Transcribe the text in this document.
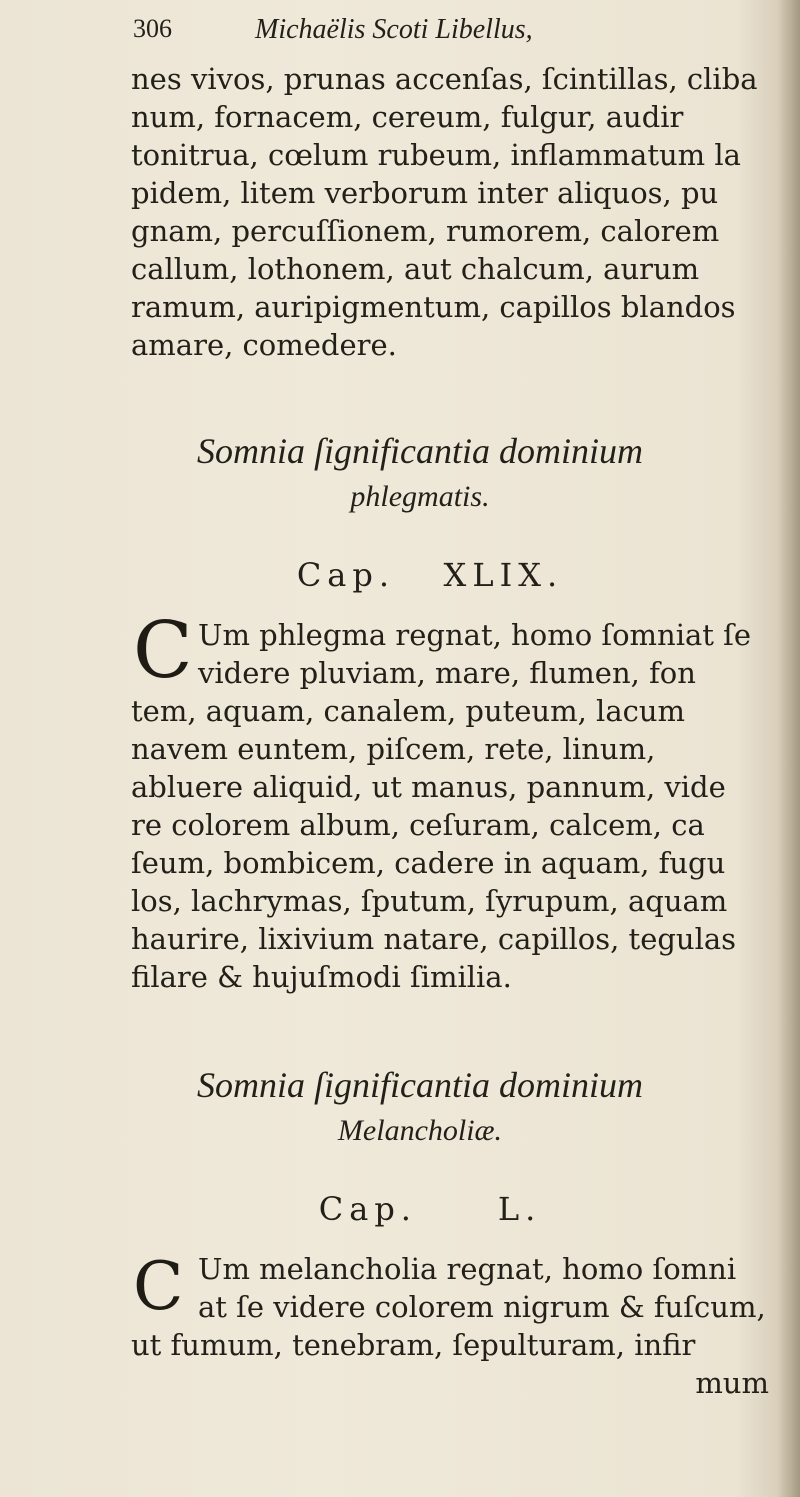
306	Michaëlis Scoti Libellus,
nes vivos, prunas accenſas, ſcintillas, cliba
num, fornacem, cereum, fulgur, audir
tonitrua, cœlum rubeum, inflammatum la
pidem, litem verborum inter aliquos, pu
gnam, percuſſionem, rumorem, calorem
callum, lothonem, aut chalcum, aurum
ramum, auripigmentum, capillos blandos
amare, comedere.
Somnia ſignificantia dominium
phlegmatis.
Cap. XLIX.
C Um phlegma regnat, homo ſomniat ſe
videre pluviam, mare, flumen, fon
tem, aquam, canalem, puteum, lacum
navem euntem, piſcem, rete, linum,
abluere aliquid, ut manus, pannum, vide
re colorem album, ceſuram, calcem, ca
ſeum, bombicem, cadere in aquam, fugu
los, lachrymas, ſputum, ſyrupum, aquam
haurire, lixivium natare, capillos, tegulas
filare & hujuſmodi ſimilia.
Somnia ſignificantia dominium
Melancholiæ.
Cap.	L.
C Um melancholia regnat, homo ſomni
at ſe videre colorem nigrum & fuſcum,
ut fumum, tenebram, ſepulturam, infir
mum
